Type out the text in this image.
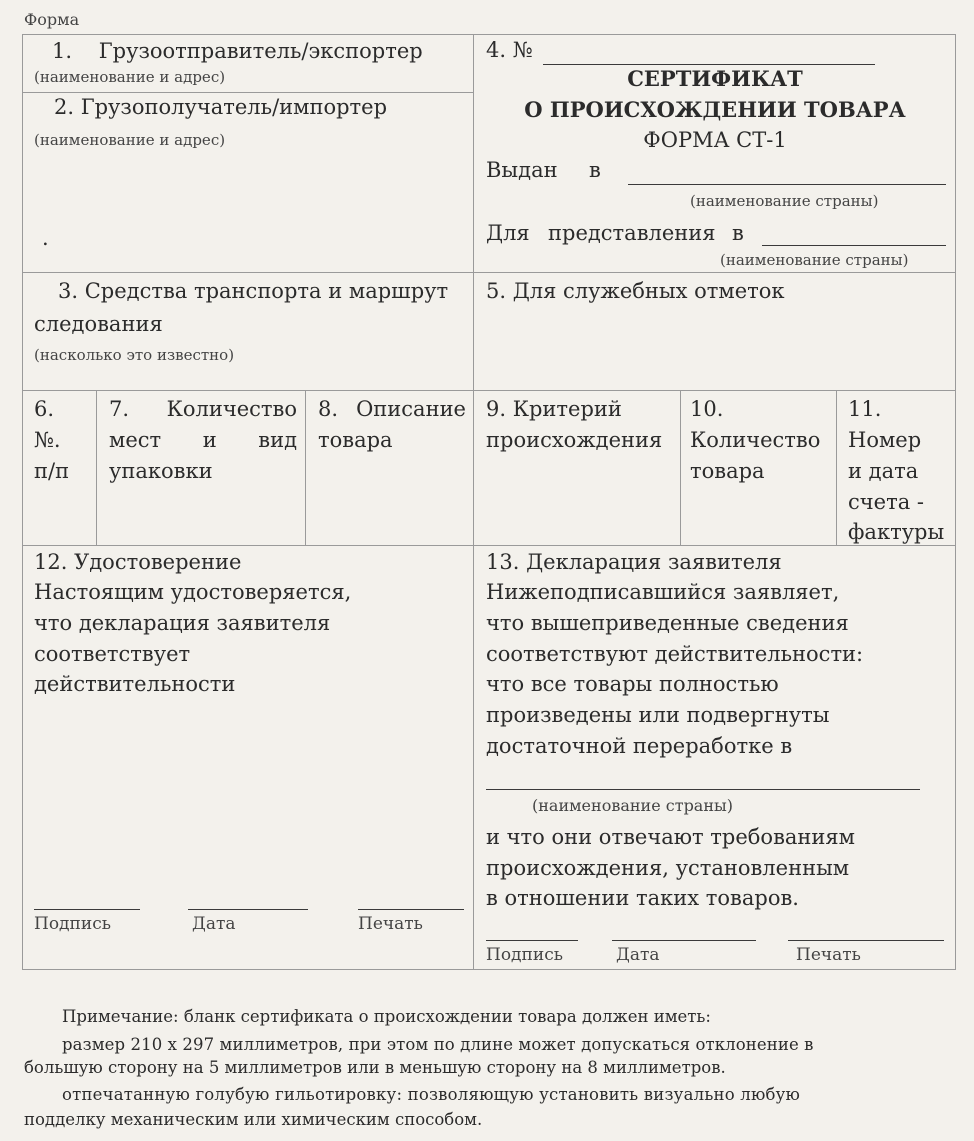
Форма
1.    Грузоотправитель/экспортер
(наименование и адрес)
2. Грузополучатель/импортер
(наименование и адрес)
.
4. №
СЕРТИФИКАТ
О ПРОИСХОЖДЕНИИ ТОВАРА
ФОРМА СТ-1
Выдан в
(наименование страны)
Для представления в
(наименование страны)
3. Средства транспорта и маршрут
следования
(насколько это известно)
5. Для служебных отметок
6.
№.
п/п
7. Количество
мест и вид
упаковки
8. Описание
товара
9. Критерий
происхождения
10.
Количество
товара
11.
Номер
и дата
счета -
фактуры
12. Удостоверение
Настоящим удостоверяется,
что декларация заявителя
соответствует
действительности
Подпись	Дата	Печать
13. Декларация заявителя
Нижеподписавшийся заявляет,
что вышеприведенные сведения
соответствуют действительности:
что все товары полностью
произведены или подвергнуты
достаточной переработке в
(наименование страны)
и что они отвечают требованиям
происхождения, установленным
в отношении таких товаров.
Подпись	Дата	Печать
Примечание: бланк сертификата о происхождении товара должен иметь:
размер 210 х 297 миллиметров, при этом по длине может допускаться отклонение в
большую сторону на 5 миллиметров или в меньшую сторону на 8 миллиметров.
отпечатанную голубую гильотировку: позволяющую установить визуально любую
подделку механическим или химическим способом.
